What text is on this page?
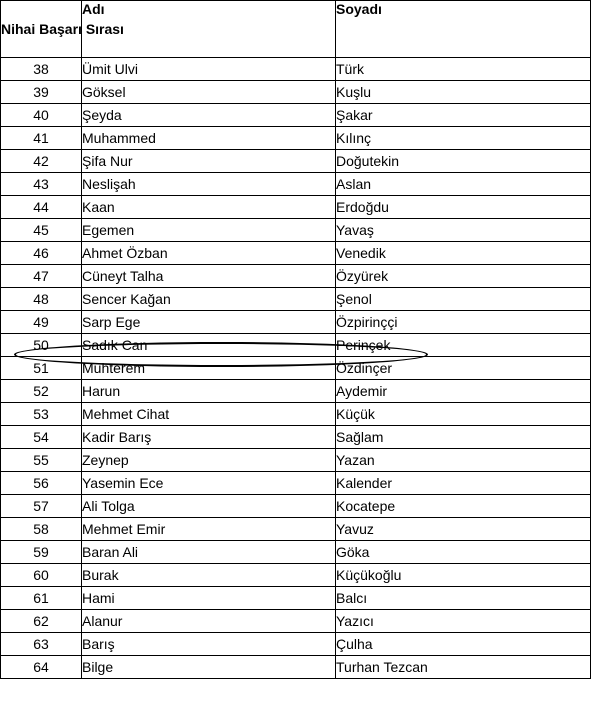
Nihai Başarı Sırası	Adı	Soyadı
38	Ümit Ulvi	Türk
39	Göksel	Kuşlu
40	Şeyda	Şakar
41	Muhammed	Kılınç
42	Şifa Nur	Doğutekin
43	Neslişah	Aslan
44	Kaan	Erdoğdu
45	Egemen	Yavaş
46	Ahmet Özban	Venedik
47	Cüneyt Talha	Özyürek
48	Sencer Kağan	Şenol
49	Sarp Ege	Özpirinççi
50	Sadık Can	Perinçek
51	Muhterem	Özdinçer
52	Harun	Aydemir
53	Mehmet Cihat	Küçük
54	Kadir Barış	Sağlam
55	Zeynep	Yazan
56	Yasemin Ece	Kalender
57	Ali Tolga	Kocatepe
58	Mehmet Emir	Yavuz
59	Baran Ali	Göka
60	Burak	Küçükoğlu
61	Hami	Balcı
62	Alanur	Yazıcı
63	Barış	Çulha
64	Bilge	Turhan Tezcan
